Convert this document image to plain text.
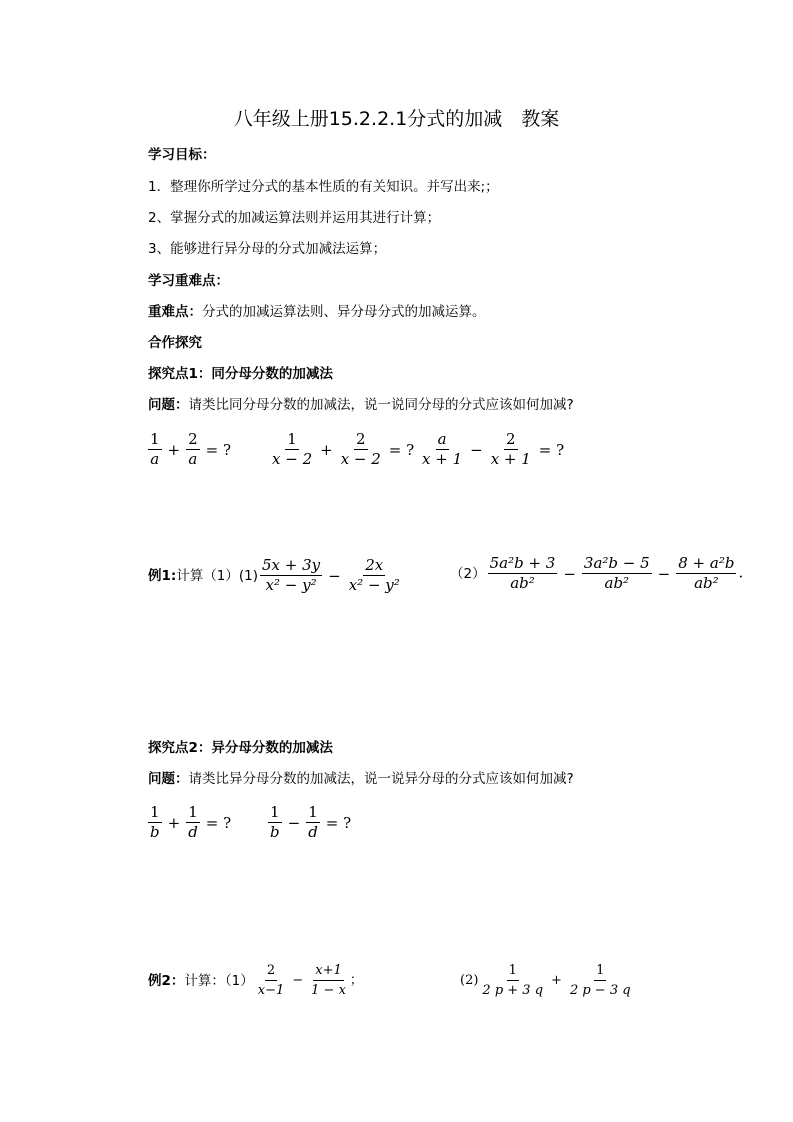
八年级上册15.2.2.1分式的加减　教案
学习目标：
1．整理你所学过分式的基本性质的有关知识。并写出来;；
2、掌握分式的加减运算法则并运用其进行计算；
3、能够进行异分母的分式加减法运算；
学习重难点：
重难点：分式的加减运算法则、异分母分式的加减运算。
合作探究
探究点1：同分母分数的加减法
问题：请类比同分母分数的加减法，说一说同分母的分式应该如何加减?
$\frac{1}{a} + \frac{2}{a}$ = ?	$\frac{1}{x - 2} + \frac{2}{x - 2}$ = ? $\frac{a}{x + 1} - \frac{2}{x + 1}$ = ?
例1: 计算$(1)(1) \frac{5x + 3y}{\text{x² − y²}} - \frac{2x}{\text{x² − y²}}$	$(2) \frac{\text{5a²b + 3}}{\text{ab²}} - \frac{\text{3a²b − 5}}{\text{ab²}} - \frac{\text{8 + a²b}}{\text{ab²}}$ .
探究点2：异分母分数的加减法
问题：请类比异分母分数的加减法，说一说异分母的分式应该如何加减?
$\frac{1}{b} + \frac{1}{d}$ = ? $\frac{1}{b} - \frac{1}{d}$ = ?
例2： 计算：$(1) \frac{2}{x-1} - \frac{x+1}{1 - x}$ ；	$(2) \frac{1}{2 p + 3 q} + \frac{1}{2 p - 3 q}$
